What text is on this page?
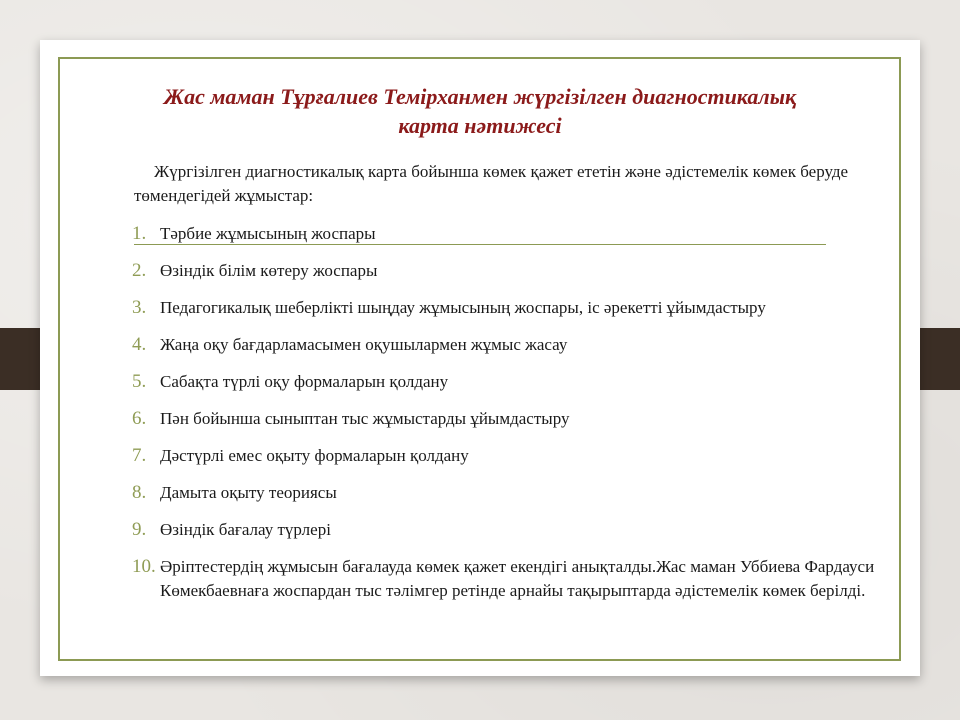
Жас маман Тұрғалиев Темірханмен жүргізілген диагностикалық
карта нәтижесі

Жүргізілген диагностикалық карта бойынша көмек қажет ететін және әдістемелік көмек беруде төмендегідей жұмыстар:

1. Тәрбие жұмысының жоспары
2. Өзіндік білім көтеру жоспары
3. Педагогикалық шеберлікті шыңдау жұмысының жоспары, іс әрекетті ұйымдастыру
4. Жаңа оқу бағдарламасымен оқушылармен жұмыс жасау
5. Сабақта түрлі оқу формаларын қолдану
6. Пән бойынша сыныптан тыс жұмыстарды ұйымдастыру
7. Дәстүрлі емес оқыту формаларын қолдану
8. Дамыта оқыту теориясы
9. Өзіндік бағалау түрлері
10. Әріптестердің жұмысын бағалауда көмек қажет екендігі анықталды.Жас маман Уббиева Фардауси Көмекбаевнаға жоспардан тыс тәлімгер ретінде арнайы тақырыптарда әдістемелік көмек берілді.
